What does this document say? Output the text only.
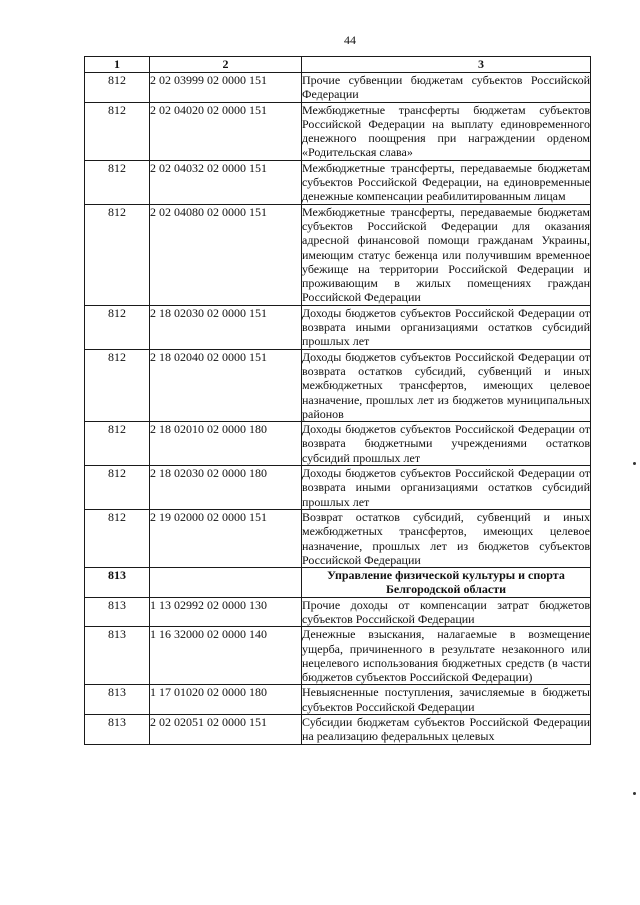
44
1	2	3
812	2 02 03999 02 0000 151	Прочие субвенции бюджетам субъектов Российской Федерации
812	2 02 04020 02 0000 151	Межбюджетные трансферты бюджетам субъектов Российской Федерации на выплату единовременного денежного поощрения при награждении орденом «Родительская слава»
812	2 02 04032 02 0000 151	Межбюджетные трансферты, передаваемые бюджетам субъектов Российской Федерации, на единовременные денежные компенсации реабилитированным лицам
812	2 02 04080 02 0000 151	Межбюджетные трансферты, передаваемые бюджетам субъектов Российской Федерации для оказания адресной финансовой помощи гражданам Украины, имеющим статус беженца или получившим временное убежище на территории Российской Федерации и проживающим в жилых помещениях граждан Российской Федерации
812	2 18 02030 02 0000 151	Доходы бюджетов субъектов Российской Федерации от возврата иными организациями остатков субсидий прошлых лет
812	2 18 02040 02 0000 151	Доходы бюджетов субъектов Российской Федерации от возврата остатков субсидий, субвенций и иных межбюджетных трансфертов, имеющих целевое назначение, прошлых лет из бюджетов муниципальных районов
812	2 18 02010 02 0000 180	Доходы бюджетов субъектов Российской Федерации от возврата бюджетными учреждениями остатков субсидий прошлых лет
812	2 18 02030 02 0000 180	Доходы бюджетов субъектов Российской Федерации от возврата иными организациями остатков субсидий прошлых лет
812	2 19 02000 02 0000 151	Возврат остатков субсидий, субвенций и иных межбюджетных трансфертов, имеющих целевое назначение, прошлых лет из бюджетов субъектов Российской Федерации
813		Управление физической культуры и спорта Белгородской области
813	1 13 02992 02 0000 130	Прочие доходы от компенсации затрат бюджетов субъектов Российской Федерации
813	1 16 32000 02 0000 140	Денежные взыскания, налагаемые в возмещение ущерба, причиненного в результате незаконного или нецелевого использования бюджетных средств (в части бюджетов субъектов Российской Федерации)
813	1 17 01020 02 0000 180	Невыясненные поступления, зачисляемые в бюджеты субъектов Российской Федерации
813	2 02 02051 02 0000 151	Субсидии бюджетам субъектов Российской Федерации на реализацию федеральных целевых
